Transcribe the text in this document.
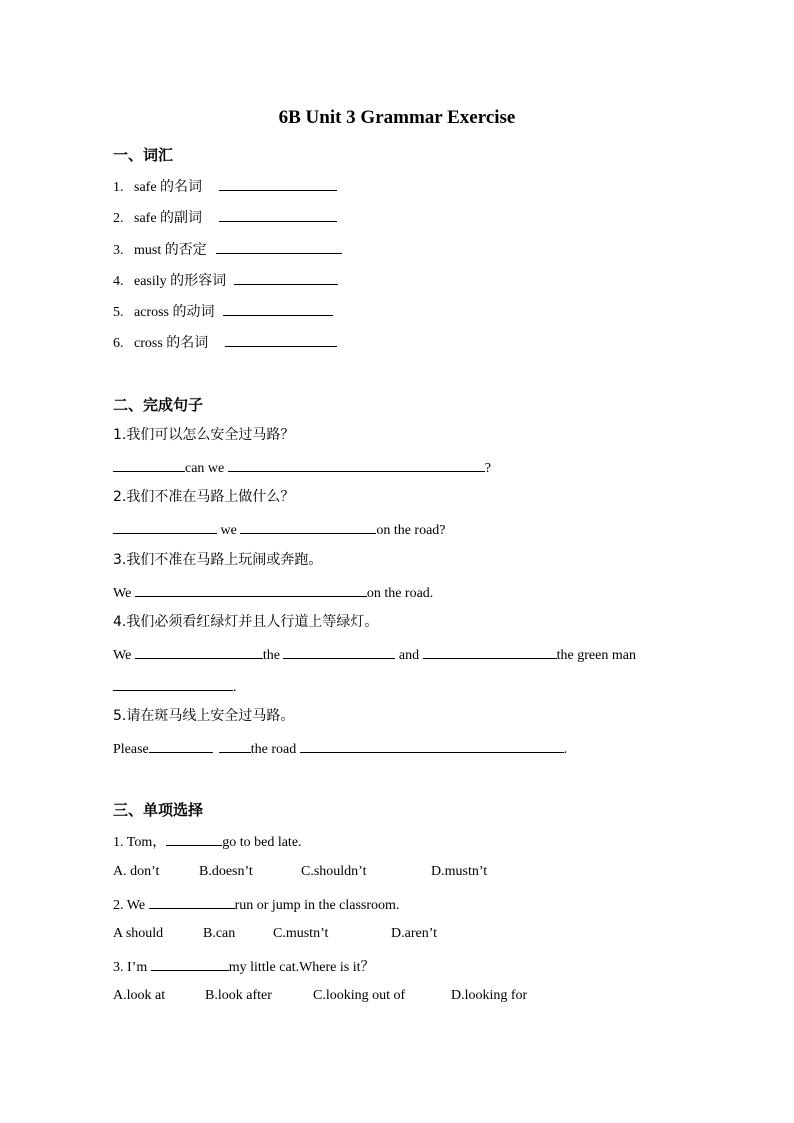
6B Unit 3 Grammar Exercise
一、词汇
1. safe 的名词
2. safe 的副词
3. must 的否定
4. easily 的形容词
5. across 的动词
6. cross 的名词
二、完成句子
1.我们可以怎么安全过马路？
can we	?
2.我们不准在马路上做什么？
we	on the road?
3.我们不准在马路上玩闹或奔跑。
We	on the road.
4.我们必须看红绿灯并且人行道上等绿灯。
We	the	and	the green man
.
5.请在斑马线上安全过马路。
Please	the road	.
三、单项选择
1. Tom，	go to bed late.
A. don’t	B.doesn’t	C.shouldn’t	D.mustn’t
2. We	run or jump in the classroom.
A should	B.can	C.mustn’t	D.aren’t
3. I’m	my little cat.Where is it？
A.look at	B.look after	C.looking out of	D.looking for
